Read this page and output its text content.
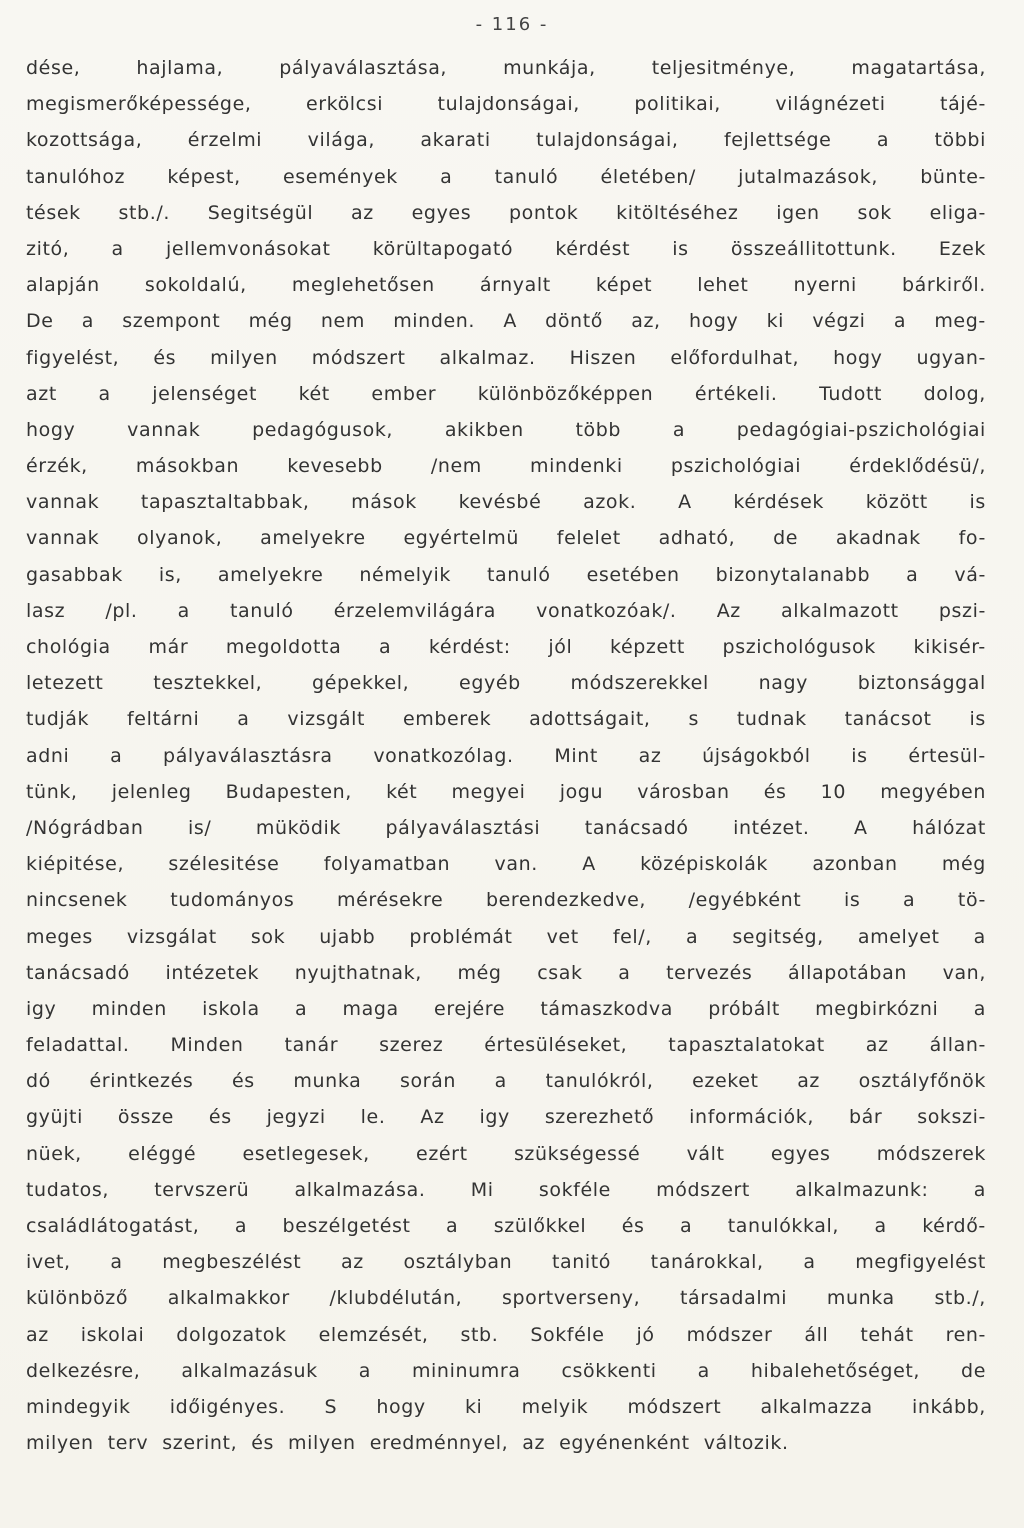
- 116 -
dése,	hajlama,	pályaválasztása,	munkája,	teljesitménye,	magatartása,
megismerőképessége,	erkölcsi	tulajdonságai,	politikai,	világnézeti	tájé-
kozottsága, érzelmi világa, akarati tulajdonságai, fejlettsége a többi
tanulóhoz képest, események a tanuló életében/ jutalmazások, bünte-
tések stb./. Segitségül az egyes pontok kitöltéséhez igen sok eliga-
zitó, a jellemvonásokat körültapogató kérdést is összeállitottunk. Ezek
alapján sokoldalú, meglehetősen árnyalt képet lehet nyerni bárkiről.
De a szempont még nem minden. A döntő az, hogy ki végzi a meg-
figyelést, és milyen módszert alkalmaz. Hiszen előfordulhat, hogy ugyan-
azt a jelenséget két ember különbözőképpen értékeli. Tudott dolog,
hogy	vannak	pedagógusok,	akikben	több	a	pedagógiai-pszichológiai
érzék,	másokban	kevesebb	/nem	mindenki	pszichológiai	érdeklődésü/,
vannak tapasztaltabbak, mások kevésbé azok. A kérdések között is
vannak olyanok, amelyekre egyértelmü felelet adható, de akadnak fo-
gasabbak is, amelyekre némelyik tanuló esetében bizonytalanabb a vá-
lasz /pl. a tanuló érzelemvilágára vonatkozóak/. Az alkalmazott pszi-
chológia már megoldotta a kérdést: jól képzett pszichológusok kikisér-
letezett	tesztekkel,	gépekkel,	egyéb	módszerekkel	nagy	biztonsággal
tudják feltárni a vizsgált emberek adottságait, s tudnak tanácsot is
adni a pályaválasztásra vonatkozólag. Mint az újságokból is értesül-
tünk, jelenleg Budapesten, két megyei jogu városban és 10 megyében
/Nógrádban is/ müködik pályaválasztási tanácsadó intézet. A hálózat
kiépitése, szélesitése folyamatban van. A középiskolák azonban még
nincsenek tudományos mérésekre berendezkedve, /egyébként is a tö-
meges vizsgálat sok ujabb problémát vet fel/, a segitség, amelyet a
tanácsadó intézetek nyujthatnak, még csak a tervezés állapotában van,
igy minden iskola a maga erejére támaszkodva próbált megbirkózni a
feladattal. Minden tanár szerez értesüléseket, tapasztalatokat az állan-
dó érintkezés és munka során a tanulókról, ezeket az osztályfőnök
gyüjti össze és jegyzi le. Az igy szerezhető információk, bár sokszi-
nüek, eléggé esetlegesek, ezért szükségessé vált egyes módszerek
tudatos, tervszerü alkalmazása. Mi sokféle módszert alkalmazunk: a
családlátogatást, a beszélgetést a szülőkkel és a tanulókkal, a kérdő-
ivet, a megbeszélést az osztályban tanitó tanárokkal, a megfigyelést
különböző alkalmakkor /klubdélután, sportverseny, társadalmi munka stb./,
az iskolai dolgozatok elemzését, stb. Sokféle jó módszer áll tehát ren-
delkezésre, alkalmazásuk a mininumra csökkenti a hibalehetőséget, de
mindegyik időigényes. S hogy ki melyik módszert alkalmazza inkább,
milyen terv szerint, és milyen eredménnyel, az egyénenként változik.
